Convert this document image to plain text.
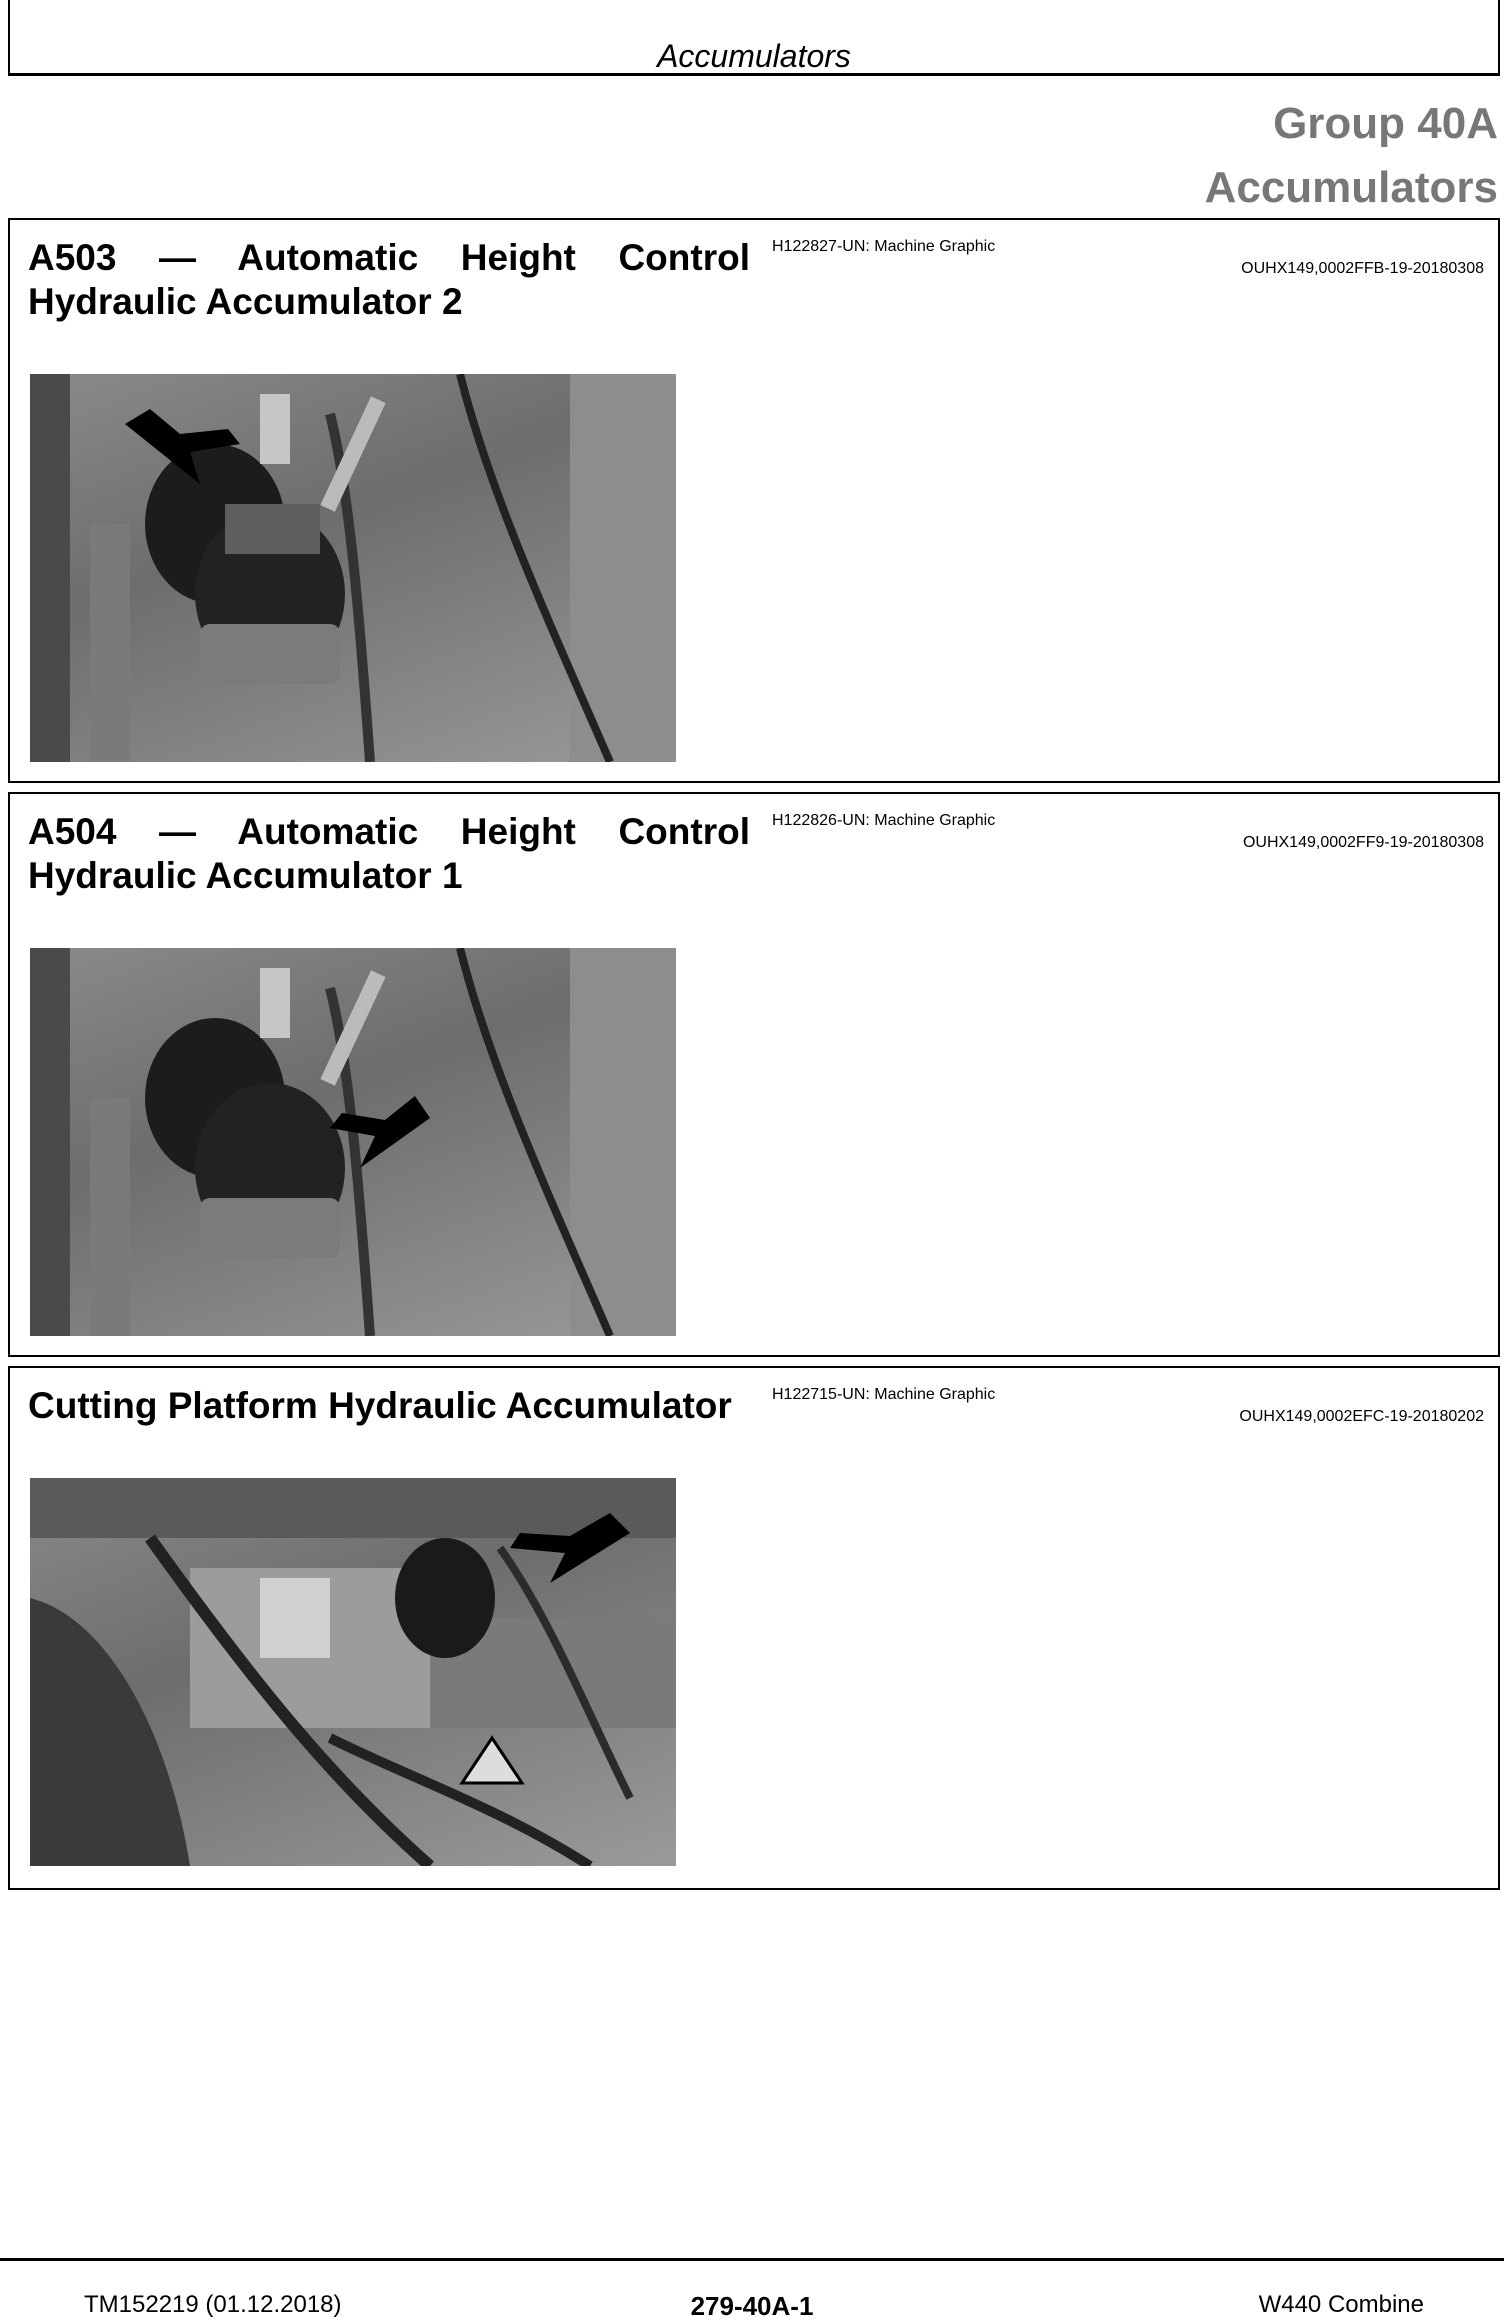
Accumulators
Group 40A
Accumulators
A503 — Automatic Height Control Hydraulic Accumulator 2
H122827-UN: Machine Graphic
OUHX149,0002FFB-19-20180308
A504 — Automatic Height Control Hydraulic Accumulator 1
H122826-UN: Machine Graphic
OUHX149,0002FF9-19-20180308
Cutting Platform Hydraulic Accumulator	H122715-UN: Machine Graphic
OUHX149,0002EFC-19-20180202
TM152219 (01.12.2018)	279-40A-1	W440 Combine
